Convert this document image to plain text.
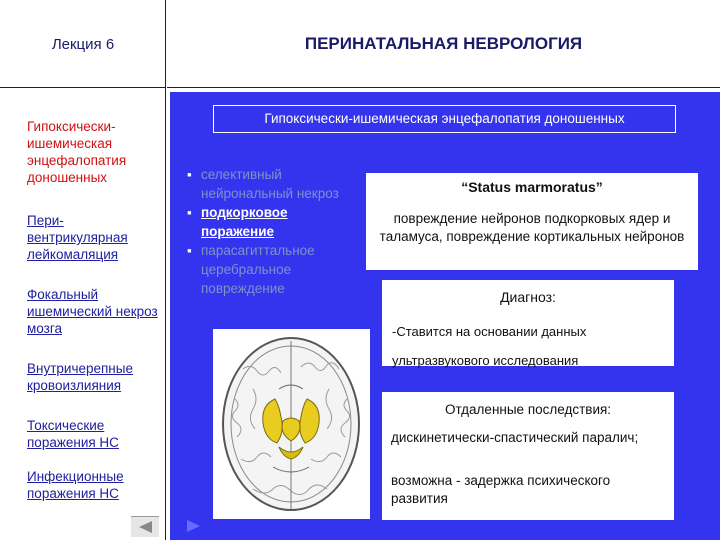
Лекция 6	ПЕРИНАТАЛЬНАЯ НЕВРОЛОГИЯ
Гипоксически-ишемическая энцефалопатия доношенных
Пери-вентрикулярная лейкомаляция
Фокальный ишемический некроз мозга
Внутричерепные кровоизлияния
Токсические поражения НС
Инфекционные поражения НС
Гипоксически-ишемическая энцефалопатия доношенных
▪ селективный нейрональный некроз
▪ подкорковое поражение
▪ парасагиттальное церебральное повреждение
“Status marmoratus”
повреждение нейронов подкорковых ядер и таламуса, повреждение кортикальных нейронов
Диагноз:
-Ставится на основании данных ультразвукового исследования
Отдаленные последствия:
дискинетически-спастический паралич;
возможна - задержка психического развития
